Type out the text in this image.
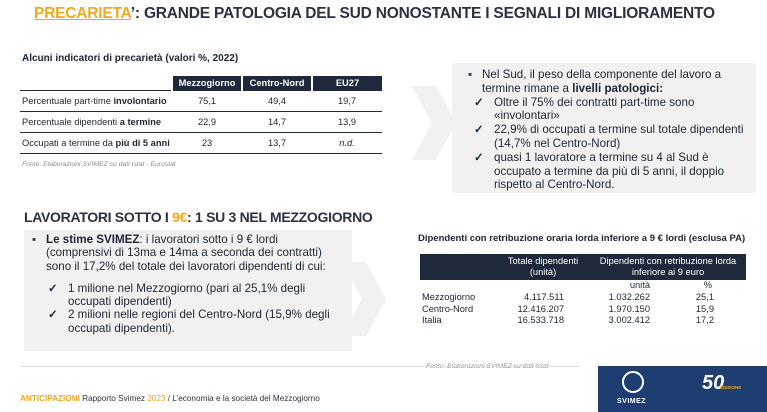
PRECARIETA’: GRANDE PATOLOGIA DEL SUD NONOSTANTE I SEGNALI DI MIGLIORAMENTO
Alcuni indicatori di precarietà (valori %, 2022)
	Mezzogiorno	Centro-Nord	EU27
Percentuale part-time involontario	75,1	49,4	19,7
Percentuale dipendenti a termine	22,9	14,7	13,9
Occupati a termine da più di 5 anni	23	13,7	n.d.
Fonte: Elaborazioni SVIMEZ su dati Istat - Eurostat
▪ Nel Sud, il peso della componente del lavoro a termine rimane a livelli patologici:
✓ Oltre il 75% dei contratti part-time sono «involontari»
✓ 22,9% di occupati a termine sul totale dipendenti (14,7% nel Centro-Nord)
✓ quasi 1 lavoratore a termine su 4 al Sud è occupato a termine da più di 5 anni, il doppio rispetto al Centro-Nord.
LAVORATORI SOTTO I 9€: 1 SU 3 NEL MEZZOGIORNO
▪ Le stime SVIMEZ: i lavoratori sotto i 9 € lordi (comprensivi di 13ma e 14ma a seconda dei contratti) sono il 17,2% del totale dei lavoratori dipendenti di cui:
✓ 1 milione nel Mezzogiorno (pari al 25,1% degli occupati dipendenti)
✓ 2 milioni nelle regioni del Centro-Nord (15,9% degli occupati dipendenti).
Dipendenti con retribuzione oraria lorda inferiore a 9 € lordi (esclusa PA)
Totale dipendenti (unità)
Dipendenti con retribuzione lorda inferiore ai 9 euro
unità	%
Mezzogiorno	4.117.511	1.032.262	25,1
Centro-Nord	12.416.207	1.970.150	15,9
Italia	16.533.718	3.002.412	17,2
ANTICIPAZIONI Rapporto Svimez 2023 / L’economia e la società del Mezzogiorno	SVIMEZ
50
EDIZIONE
